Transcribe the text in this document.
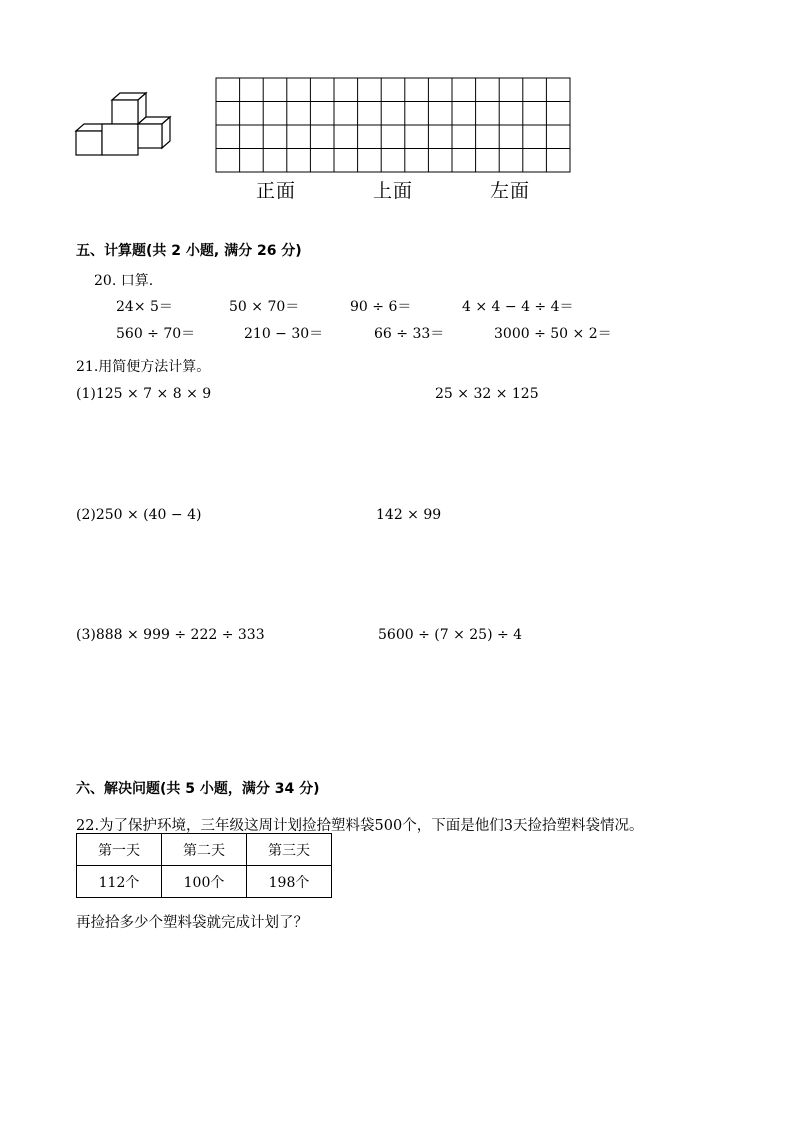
正面	上面	左面
五、计算题(共 2 小题, 满分 26 分)
20. 口算.
24× 5＝	50 × 70＝	90 ÷ 6＝	4 × 4 − 4 ÷ 4＝
560 ÷ 70＝	210 − 30＝	66 ÷ 33＝	3000 ÷ 50 × 2＝
21.用简便方法计算。
(1)125 × 7 × 8 × 9	25 × 32 × 125
(2)250 × (40 − 4)	142 × 99
(3)888 × 999 ÷ 222 ÷ 333	5600 ÷ (7 × 25) ÷ 4
六、解决问题(共 5 小题，满分 34 分)
22.为了保护环境，三年级这周计划捡拾塑料袋500个，下面是他们3天捡拾塑料袋情况。
第一天	第二天	第三天
112个	100个	198个
再捡拾多少个塑料袋就完成计划了？
